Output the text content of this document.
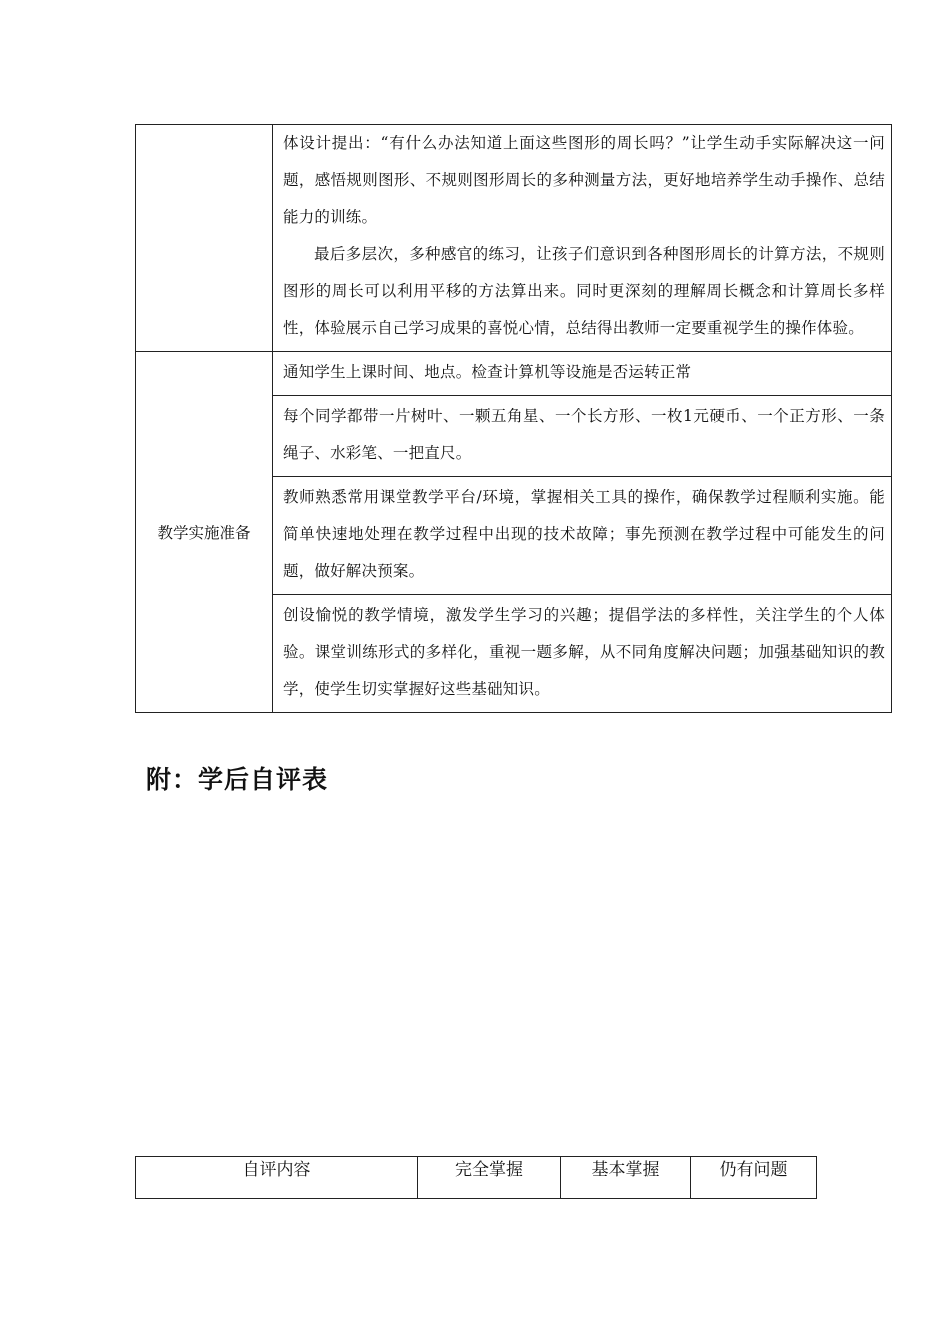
	体设计提出：“有什么办法知道上面这些图形的周长吗？”让学生动手实际解决这一问题，感悟规则图形、不规则图形周长的多种测量方法，更好地培养学生动手操作、总结能力的训练。

最后多层次，多种感官的练习，让孩子们意识到各种图形周长的计算方法，不规则图形的周长可以利用平移的方法算出来。同时更深刻的理解周长概念和计算周长多样性，体验展示自己学习成果的喜悦心情，总结得出教师一定要重视学生的操作体验。

教学实施准备	通知学生上课时间、地点。检查计算机等设施是否运转正常

	每个同学都带一片树叶、一颗五角星、一个长方形、一枚1元硬币、一个正方形、一条绳子、水彩笔、一把直尺。

	教师熟悉常用课堂教学平台/环境，掌握相关工具的操作，确保教学过程顺利实施。能简单快速地处理在教学过程中出现的技术故障；事先预测在教学过程中可能发生的问题，做好解决预案。

	创设愉悦的教学情境，激发学生学习的兴趣；提倡学法的多样性，关注学生的个人体验。课堂训练形式的多样化，重视一题多解，从不同角度解决问题；加强基础知识的教学，使学生切实掌握好这些基础知识。
附：学后自评表
自评内容	完全掌握	基本掌握	仍有问题
